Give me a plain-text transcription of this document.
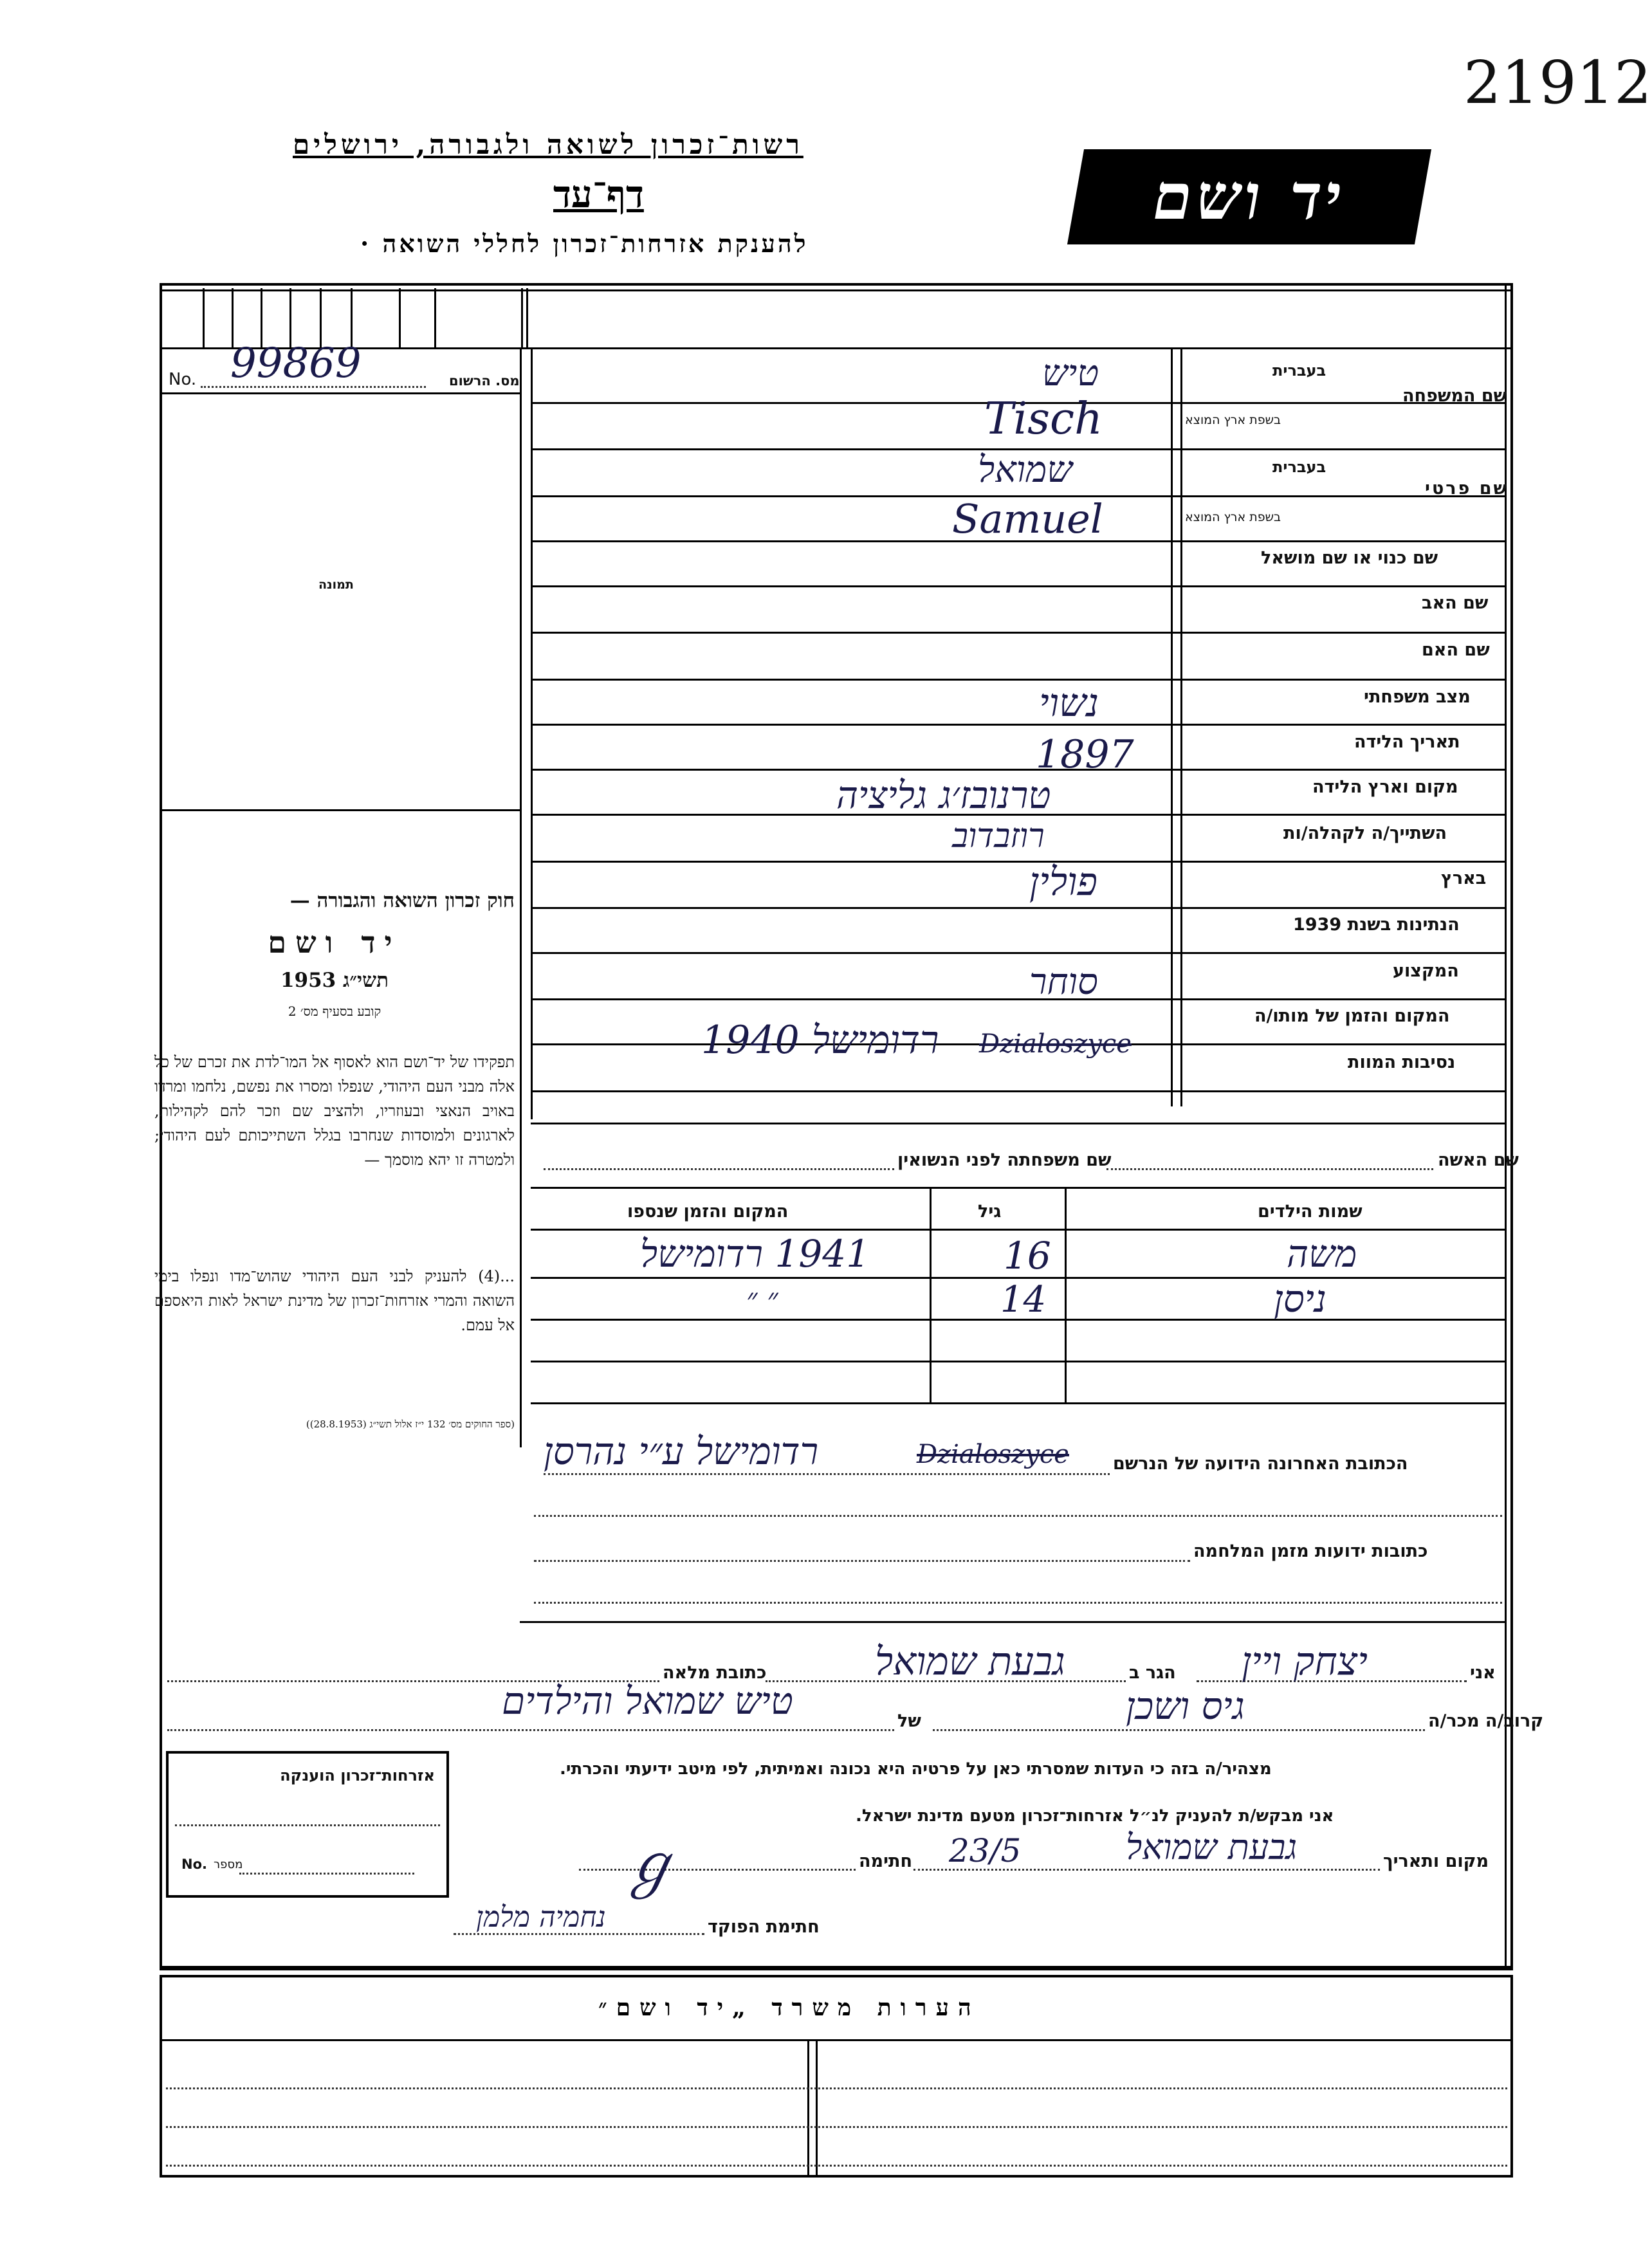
21912
רשות־זכרון לשואה ולגבורה, ירושלים
דף־עד
להענקת אזרחות־זכרון לחללי השואה ·
יד ושם
No. 99869	מס. הרשום
תמונה
חוק זכרון השואה והגבורה —
יד ושם
תשי״ג 1953
קובע בסעיף מס׳ 2
תפקידו של יד־ושם הוא לאסוף אל המו־לדת את זכרם של כל אלה מבני העם היהודי, שנפלו ומסרו את נפשם, נלחמו ומרדו באויב הנאצי ובעוזריו, ולהציב שם וזכר להם לקהילות, לארגונים ולמוסדות שנחרבו בגלל השתייכותם לעם היהודי; ולמטרה זו יהא מוסמך —
...(4) להעניק לבני העם היהודי שהוש־מדו ונפלו בימי השואה והמרי אזרחות־זכרון של מדינת ישראל לאות היאספם אל עמם.
(ספר החוקים מס׳ 132 י״ז אלול תשי״ג (28.8.1953))
בעברית
בשפת ארץ המוצא
שם המשפחה
בעברית
בשפת ארץ המוצא
שם פרטי
שם כנוי או שם מושאל
שם האב
שם האם
מצב משפחתי
תאריך הלידה
מקום וארץ הלידה
השתייך/ה לקהלה/ות
בארץ
הנתינות בשנת 1939
המקצוע
המקום והזמן של מותו/ה
נסיבות המוות
טיש
Tisch
שמואל
Samuel
נשוי
1897
טרנובז׳ג גליציה
רוזבדוב
פולין
סוחר
רדומישל 1940 Dzialoszyce
שם האשה
שם משפחתה לפני הנשואין
שמות הילדים
גיל
המקום והזמן שנספו
משה
16
1941 רדומישל
ניסן
14
״ ״
הכתובת האחרונה הידועה של הנרשם
רדומישל ע״י נהרסן	Dzialoszyce
כתובות ידועות מזמן המלחמה
אני
יצחק ויין
הגר ב
גבעת שמואל
כתובת מלאה
קרוב/ה מכר/ה
גיס ושכן
של
טיש שמואל והילדים
מצהיר/ה בזה כי העדות שמסרתי כאן על פרטיה היא נכונה ואמיתית, לפי מיטב ידיעתי והכרתי.
אני מבקש/ת להעניק לנ״ל אזרחות־זכרון מטעם מדינת ישראל.
מקום ותאריך
גבעת שמואל
23/5
חתימה
ℊ
חתימת הפוקד
נחמיה מלמן
אזרחות־זכרון הוענקה
No. מספר
הערות משרד „יד ושם״
